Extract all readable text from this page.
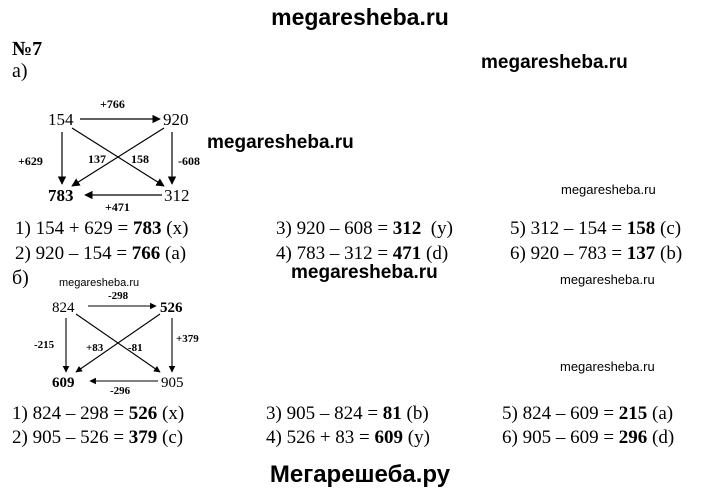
megaresheba.ru
№7
а)	megaresheba.ru
megaresheba.ru
megaresheba.ru
154	920
783	312
+766
+629	-608
+471
137 158
824	526
609	905
-298
-215	+379
-296
+83 -81
1) 154 + 629 = 783 (x)
2) 920 – 154 = 766 (a)
3) 920 – 608 = 312  (y)
4) 783 – 312 = 471 (d)
5) 312 – 154 = 158 (c)
6) 920 – 783 = 137 (b)
б)	megaresheba.ru	megaresheba.ru	megaresheba.ru
megaresheba.ru
1) 824 – 298 = 526 (x)
2) 905 – 526 = 379 (c)
3) 905 – 824 = 81 (b)
4) 526 + 83 = 609 (y)
5) 824 – 609 = 215 (a)
6) 905 – 609 = 296 (d)
Мегарешеба.ру
